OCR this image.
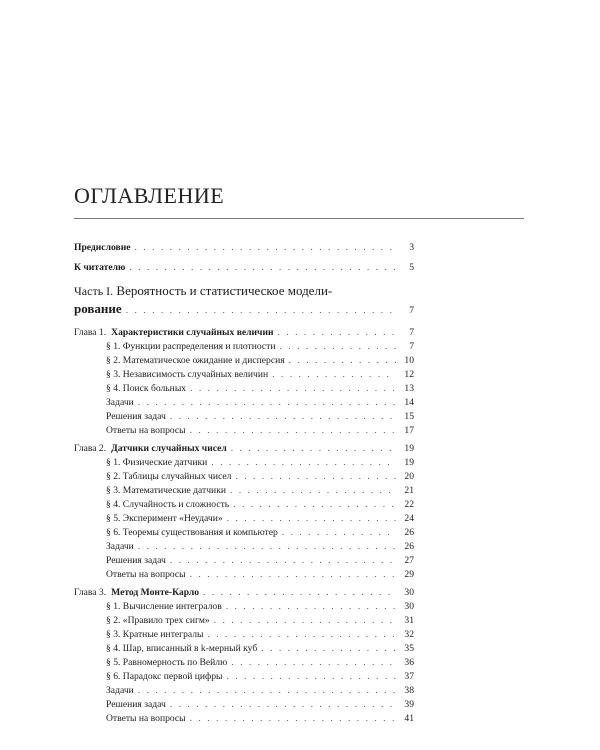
ОГЛАВЛЕНИЕ
Предисловие . . .	3
К читателю . . .	5
Часть I. Вероятность и статистическое модели-
рование . . .	7
Глава 1. Характеристики случайных величин . . .	7
§ 1. Функции распределения и плотности . . .	7
§ 2. Математическое ожидание и дисперсия . . .	10
§ 3. Независимость случайных величин . . .	12
§ 4. Поиск больных . . .	13
Задачи . . .	14
Решения задач . . .	15
Ответы на вопросы . . .	17
Глава 2. Датчики случайных чисел . . .	19
§ 1. Физические датчики . . .	19
§ 2. Таблицы случайных чисел . . .	20
§ 3. Математические датчики . . .	21
§ 4. Случайность и сложность . . .	22
§ 5. Эксперимент «Неудачи» . . .	24
§ 6. Теоремы существования и компьютер . . .	26
Задачи . . .	26
Решения задач . . .	27
Ответы на вопросы . . .	29
Глава 3. Метод Монте-Карло . . .	30
§ 1. Вычисление интегралов . . .	30
§ 2. «Правило трех сигм» . . .	31
§ 3. Кратные интегралы . . .	32
§ 4. Шар, вписанный в k-мерный куб . . .	35
§ 5. Равномерность по Вейлю . . .	36
§ 6. Парадокс первой цифры . . .	37
Задачи . . .	38
Решения задач . . .	39
Ответы на вопросы . . .	41
